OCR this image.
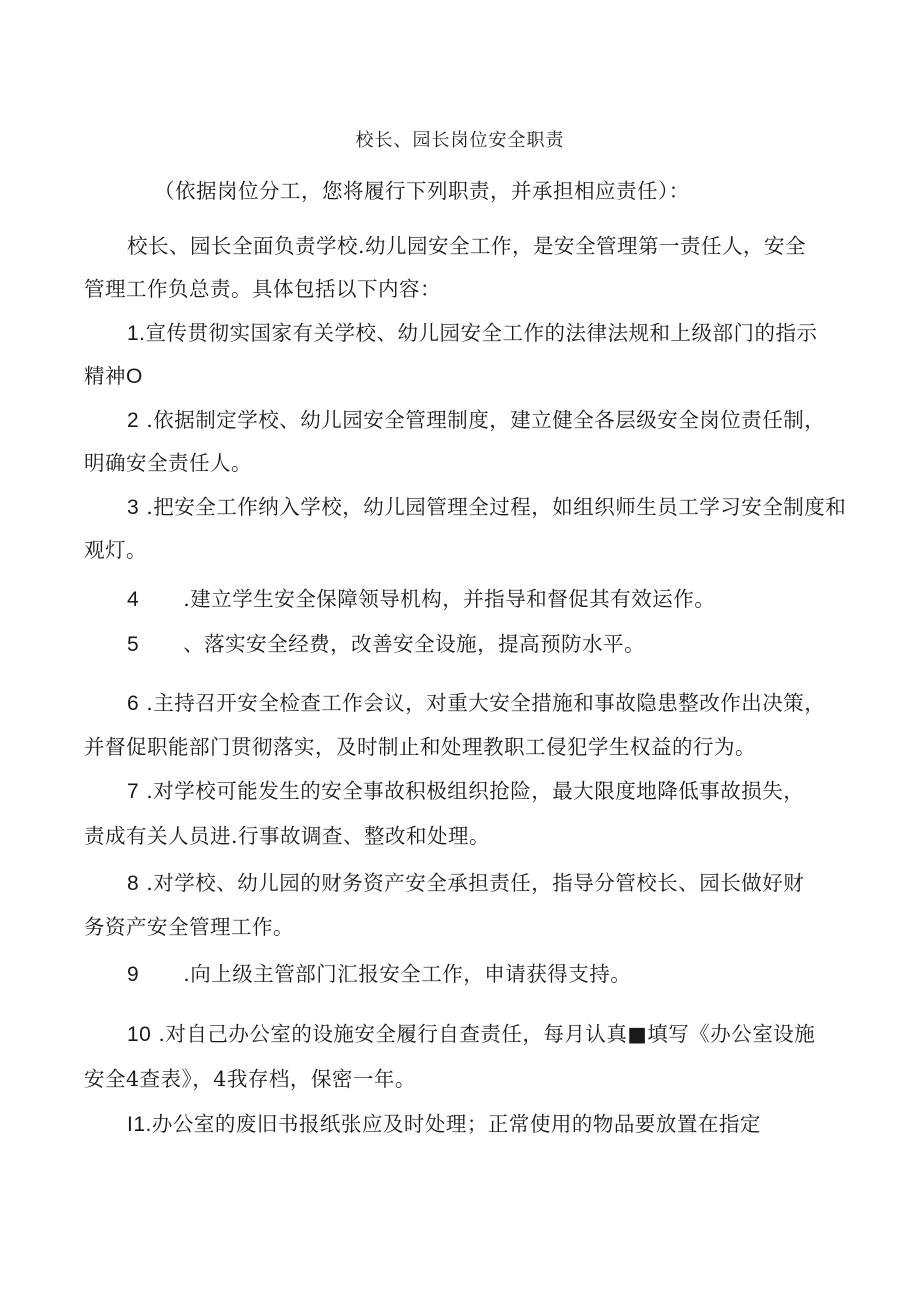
校长、园长岗位安全职责
（依据岗位分工，您将履行下列职责，并承担相应责任）：
校长、园长全面负责学校.幼儿园安全工作，是安全管理第一责任人，安全
管理工作负总责。具体包括以下内容：
1.宣传贯彻实国家有关学校、幼儿园安全工作的法律法规和上级部门的指示
精神O
2 .依据制定学校、幼儿园安全管理制度，建立健全各层级安全岗位责任制，
明确安全责任人。
3 .把安全工作纳入学校，幼儿园管理全过程，如组织师生员工学习安全制度和
观灯。
4 .建立学生安全保障领导机构，并指导和督促其有效运作。
5 、落实安全经费，改善安全设施，提高预防水平。
6 .主持召开安全检查工作会议，对重大安全措施和事故隐患整改作出决策，
并督促职能部门贯彻落实，及时制止和处理教职工侵犯学生权益的行为。
7 .对学校可能发生的安全事故积极组织抢险，最大限度地降低事故损失，
责成有关人员进.行事故调查、整改和处理。
8 .对学校、幼儿园的财务资产安全承担责任，指导分管校长、园长做好财
务资产安全管理工作。
9 .向上级主管部门汇报安全工作，申请获得支持。
10 .对自己办公室的设施安全履行自查责任，每月认真■填写《办公室设施
安全4查表》，4我存档，保密一年。
I1.办公室的废旧书报纸张应及时处理；正常使用的物品要放置在指定
